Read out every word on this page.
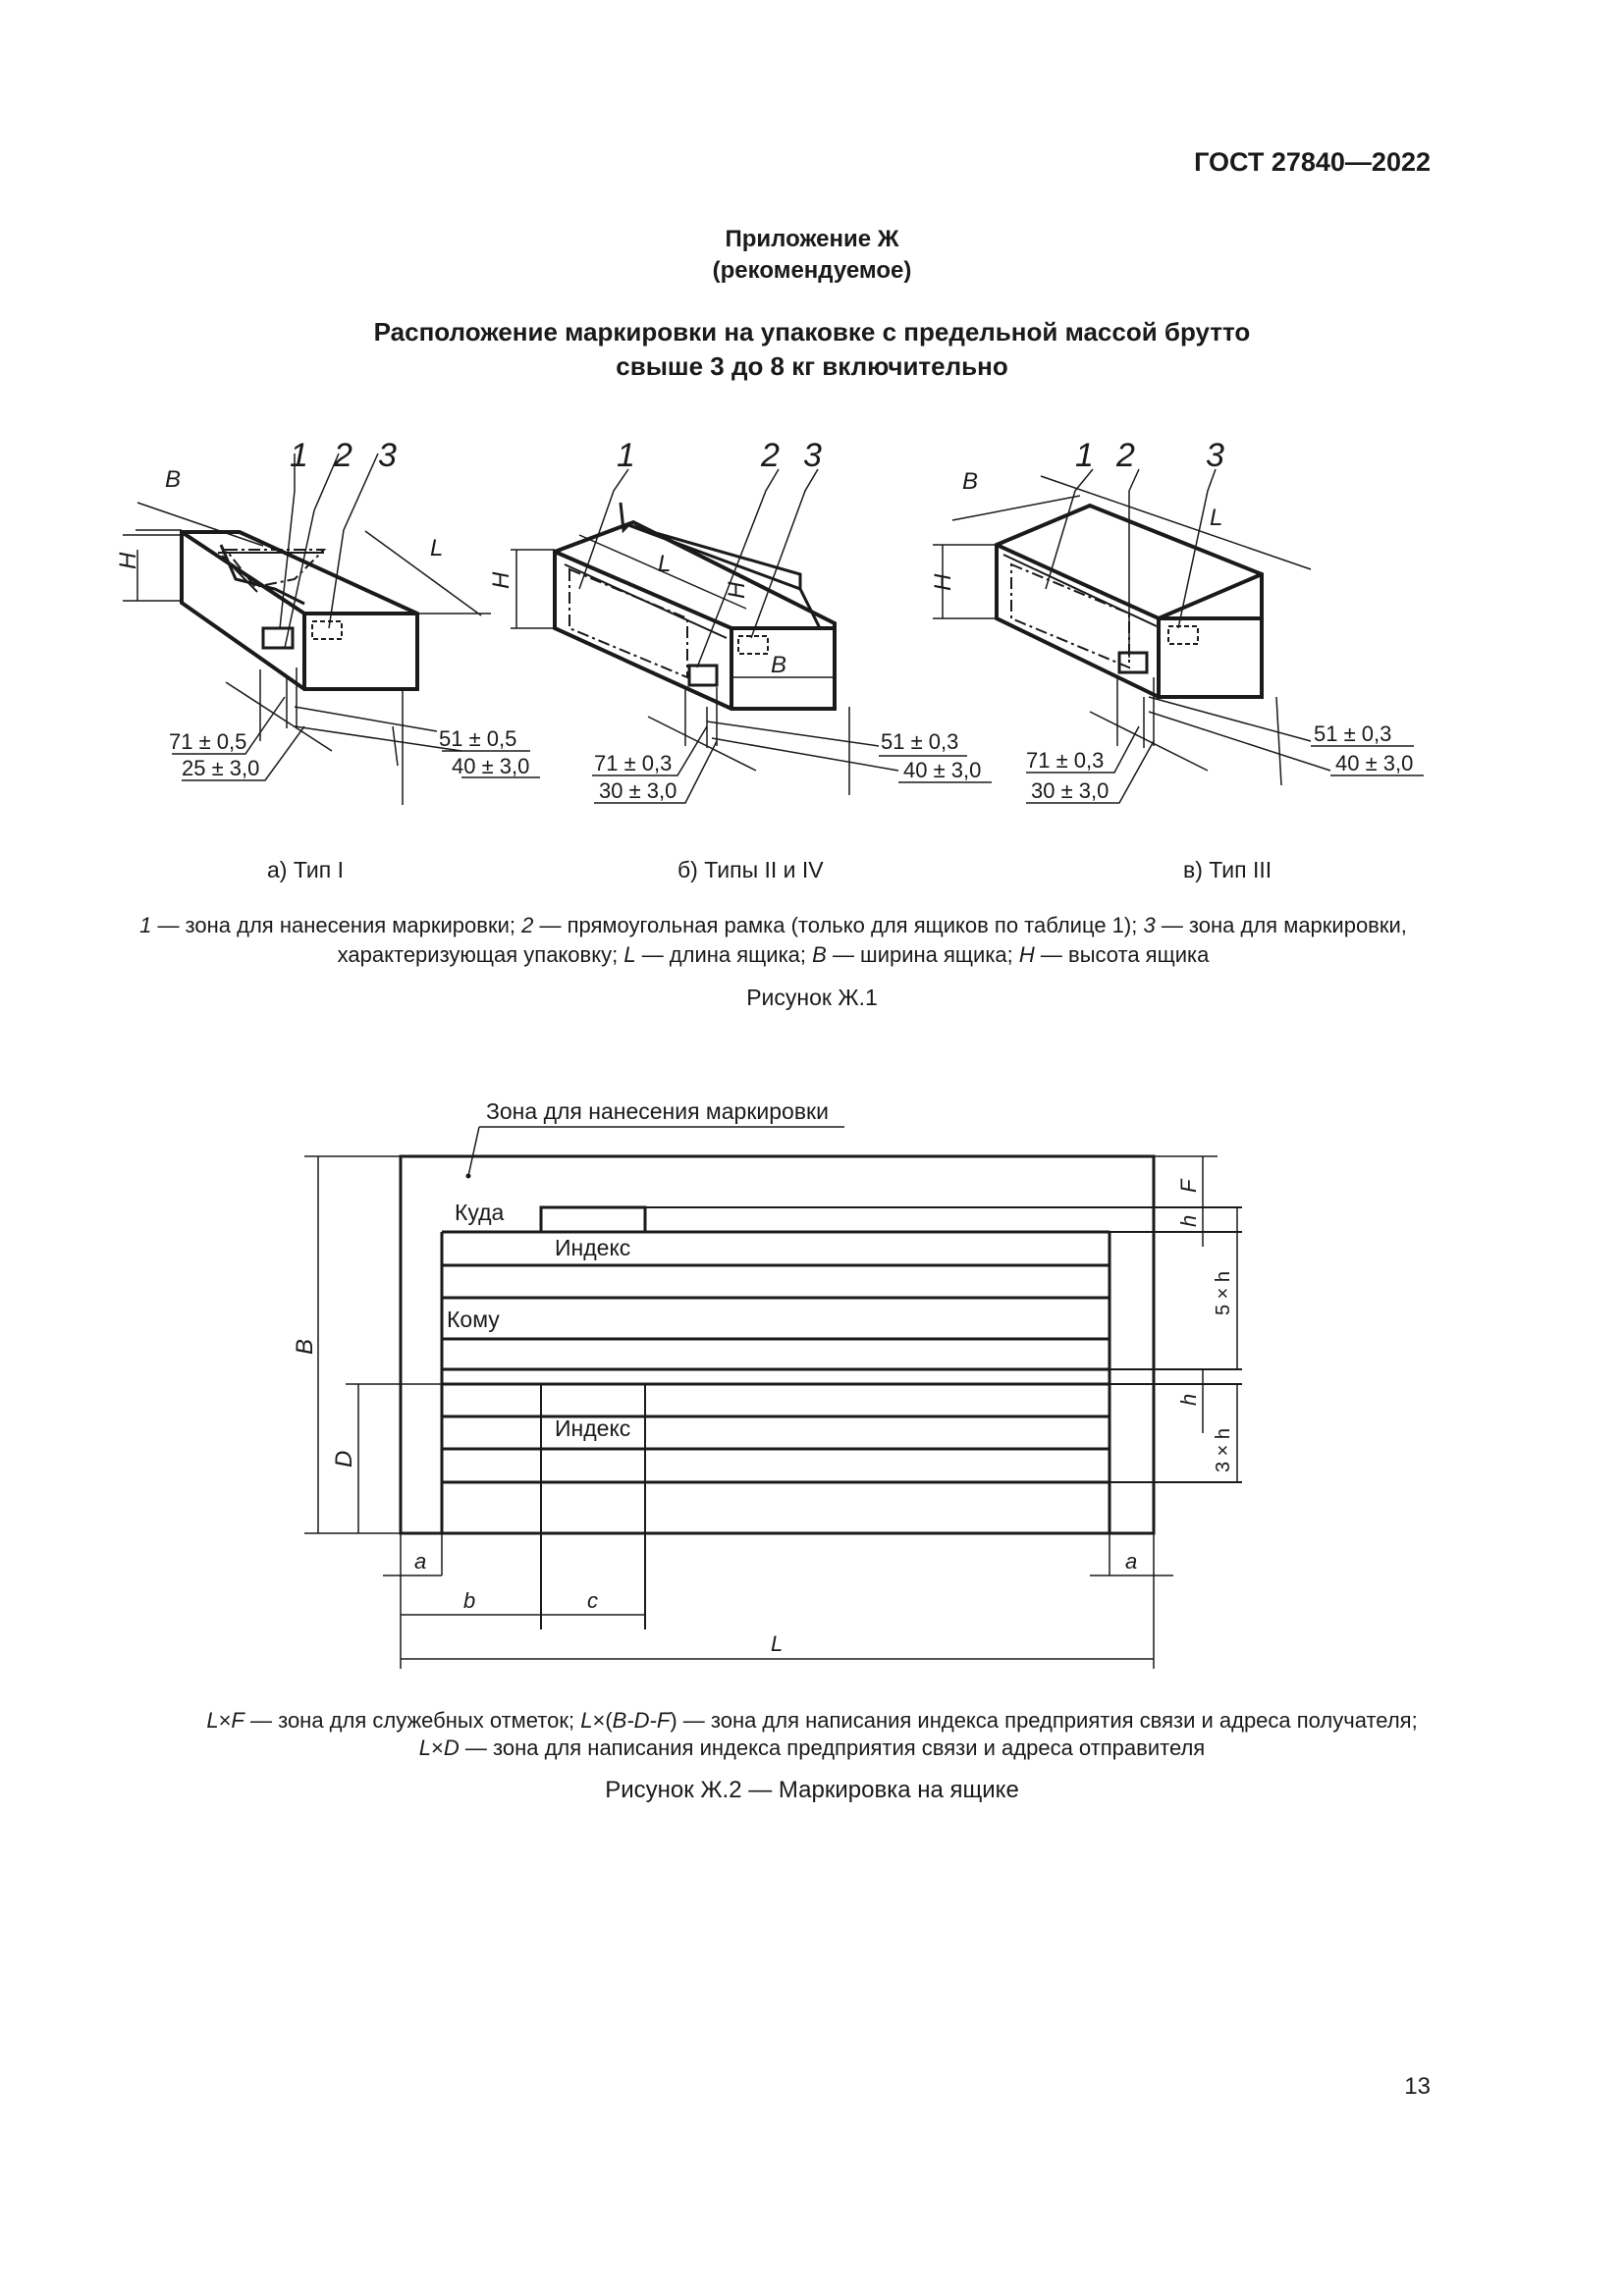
ГОСТ 27840—2022
Приложение Ж
(рекомендуемое)
Расположение маркировки на упаковке с предельной массой брутто
свыше 3 до 8 кг включительно
B
H	L
1 2 3
71 ± 0,5
25 ± 3,0
51 ± 0,5
40 ± 3,0
H
L
H
B
1	2 3
71 ± 0,3
30 ± 3,0
51 ± 0,3
40 ± 3,0
B
H
L
1 2 3
71 ± 0,3
30 ± 3,0
51 ± 0,3
40 ± 3,0
Куда
Индекс
Кому
Индекс
F
h
5 × h
h
3 × h
B
D
a	a
b	c
L
Зона для нанесения маркировки
а) Тип I	б) Типы II и IV	в) Тип III
1 — зона для нанесения маркировки; 2 — прямоугольная рамка (только для ящиков по таблице 1); 3 — зона для маркировки, характеризующая упаковку; L — длина ящика; B — ширина ящика; H — высота ящика
Рисунок Ж.1
L×F — зона для служебных отметок; L×(B-D-F) — зона для написания индекса предприятия связи и адреса получателя;
L×D — зона для написания индекса предприятия связи и адреса отправителя
Рисунок Ж.2 — Маркировка на ящике
13
